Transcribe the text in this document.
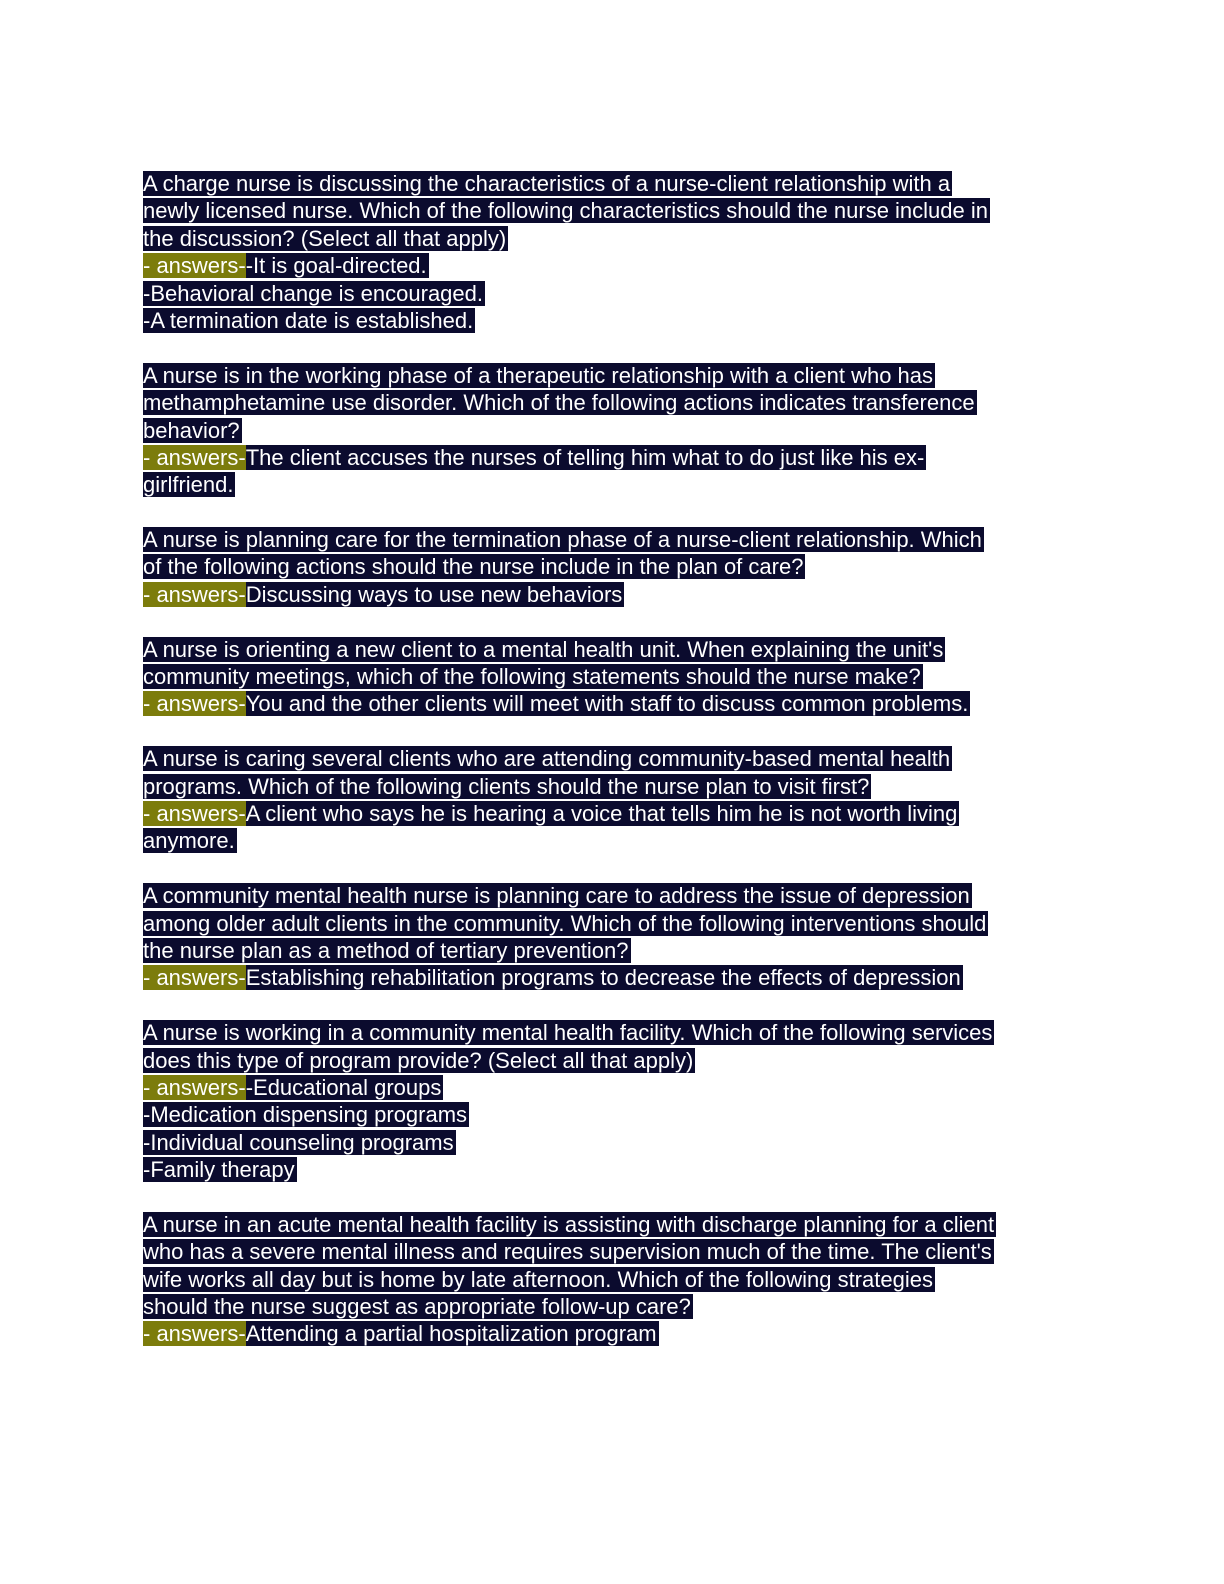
A charge nurse is discussing the characteristics of a nurse-client relationship with a
newly licensed nurse. Which of the following characteristics should the nurse include in
the discussion? (Select all that apply)
- answers--It is goal-directed.
-Behavioral change is encouraged.
-A termination date is established.
A nurse is in the working phase of a therapeutic relationship with a client who has
methamphetamine use disorder. Which of the following actions indicates transference
behavior?
- answers-The client accuses the nurses of telling him what to do just like his ex-
girlfriend.
A nurse is planning care for the termination phase of a nurse-client relationship. Which
of the following actions should the nurse include in the plan of care?
- answers-Discussing ways to use new behaviors
A nurse is orienting a new client to a mental health unit. When explaining the unit's
community meetings, which of the following statements should the nurse make?
- answers-You and the other clients will meet with staff to discuss common problems.
A nurse is caring several clients who are attending community-based mental health
programs. Which of the following clients should the nurse plan to visit first?
- answers-A client who says he is hearing a voice that tells him he is not worth living
anymore.
A community mental health nurse is planning care to address the issue of depression
among older adult clients in the community. Which of the following interventions should
the nurse plan as a method of tertiary prevention?
- answers-Establishing rehabilitation programs to decrease the effects of depression
A nurse is working in a community mental health facility. Which of the following services
does this type of program provide? (Select all that apply)
- answers--Educational groups
-Medication dispensing programs
-Individual counseling programs
-Family therapy
A nurse in an acute mental health facility is assisting with discharge planning for a client
who has a severe mental illness and requires supervision much of the time. The client's
wife works all day but is home by late afternoon. Which of the following strategies
should the nurse suggest as appropriate follow-up care?
- answers-Attending a partial hospitalization program
